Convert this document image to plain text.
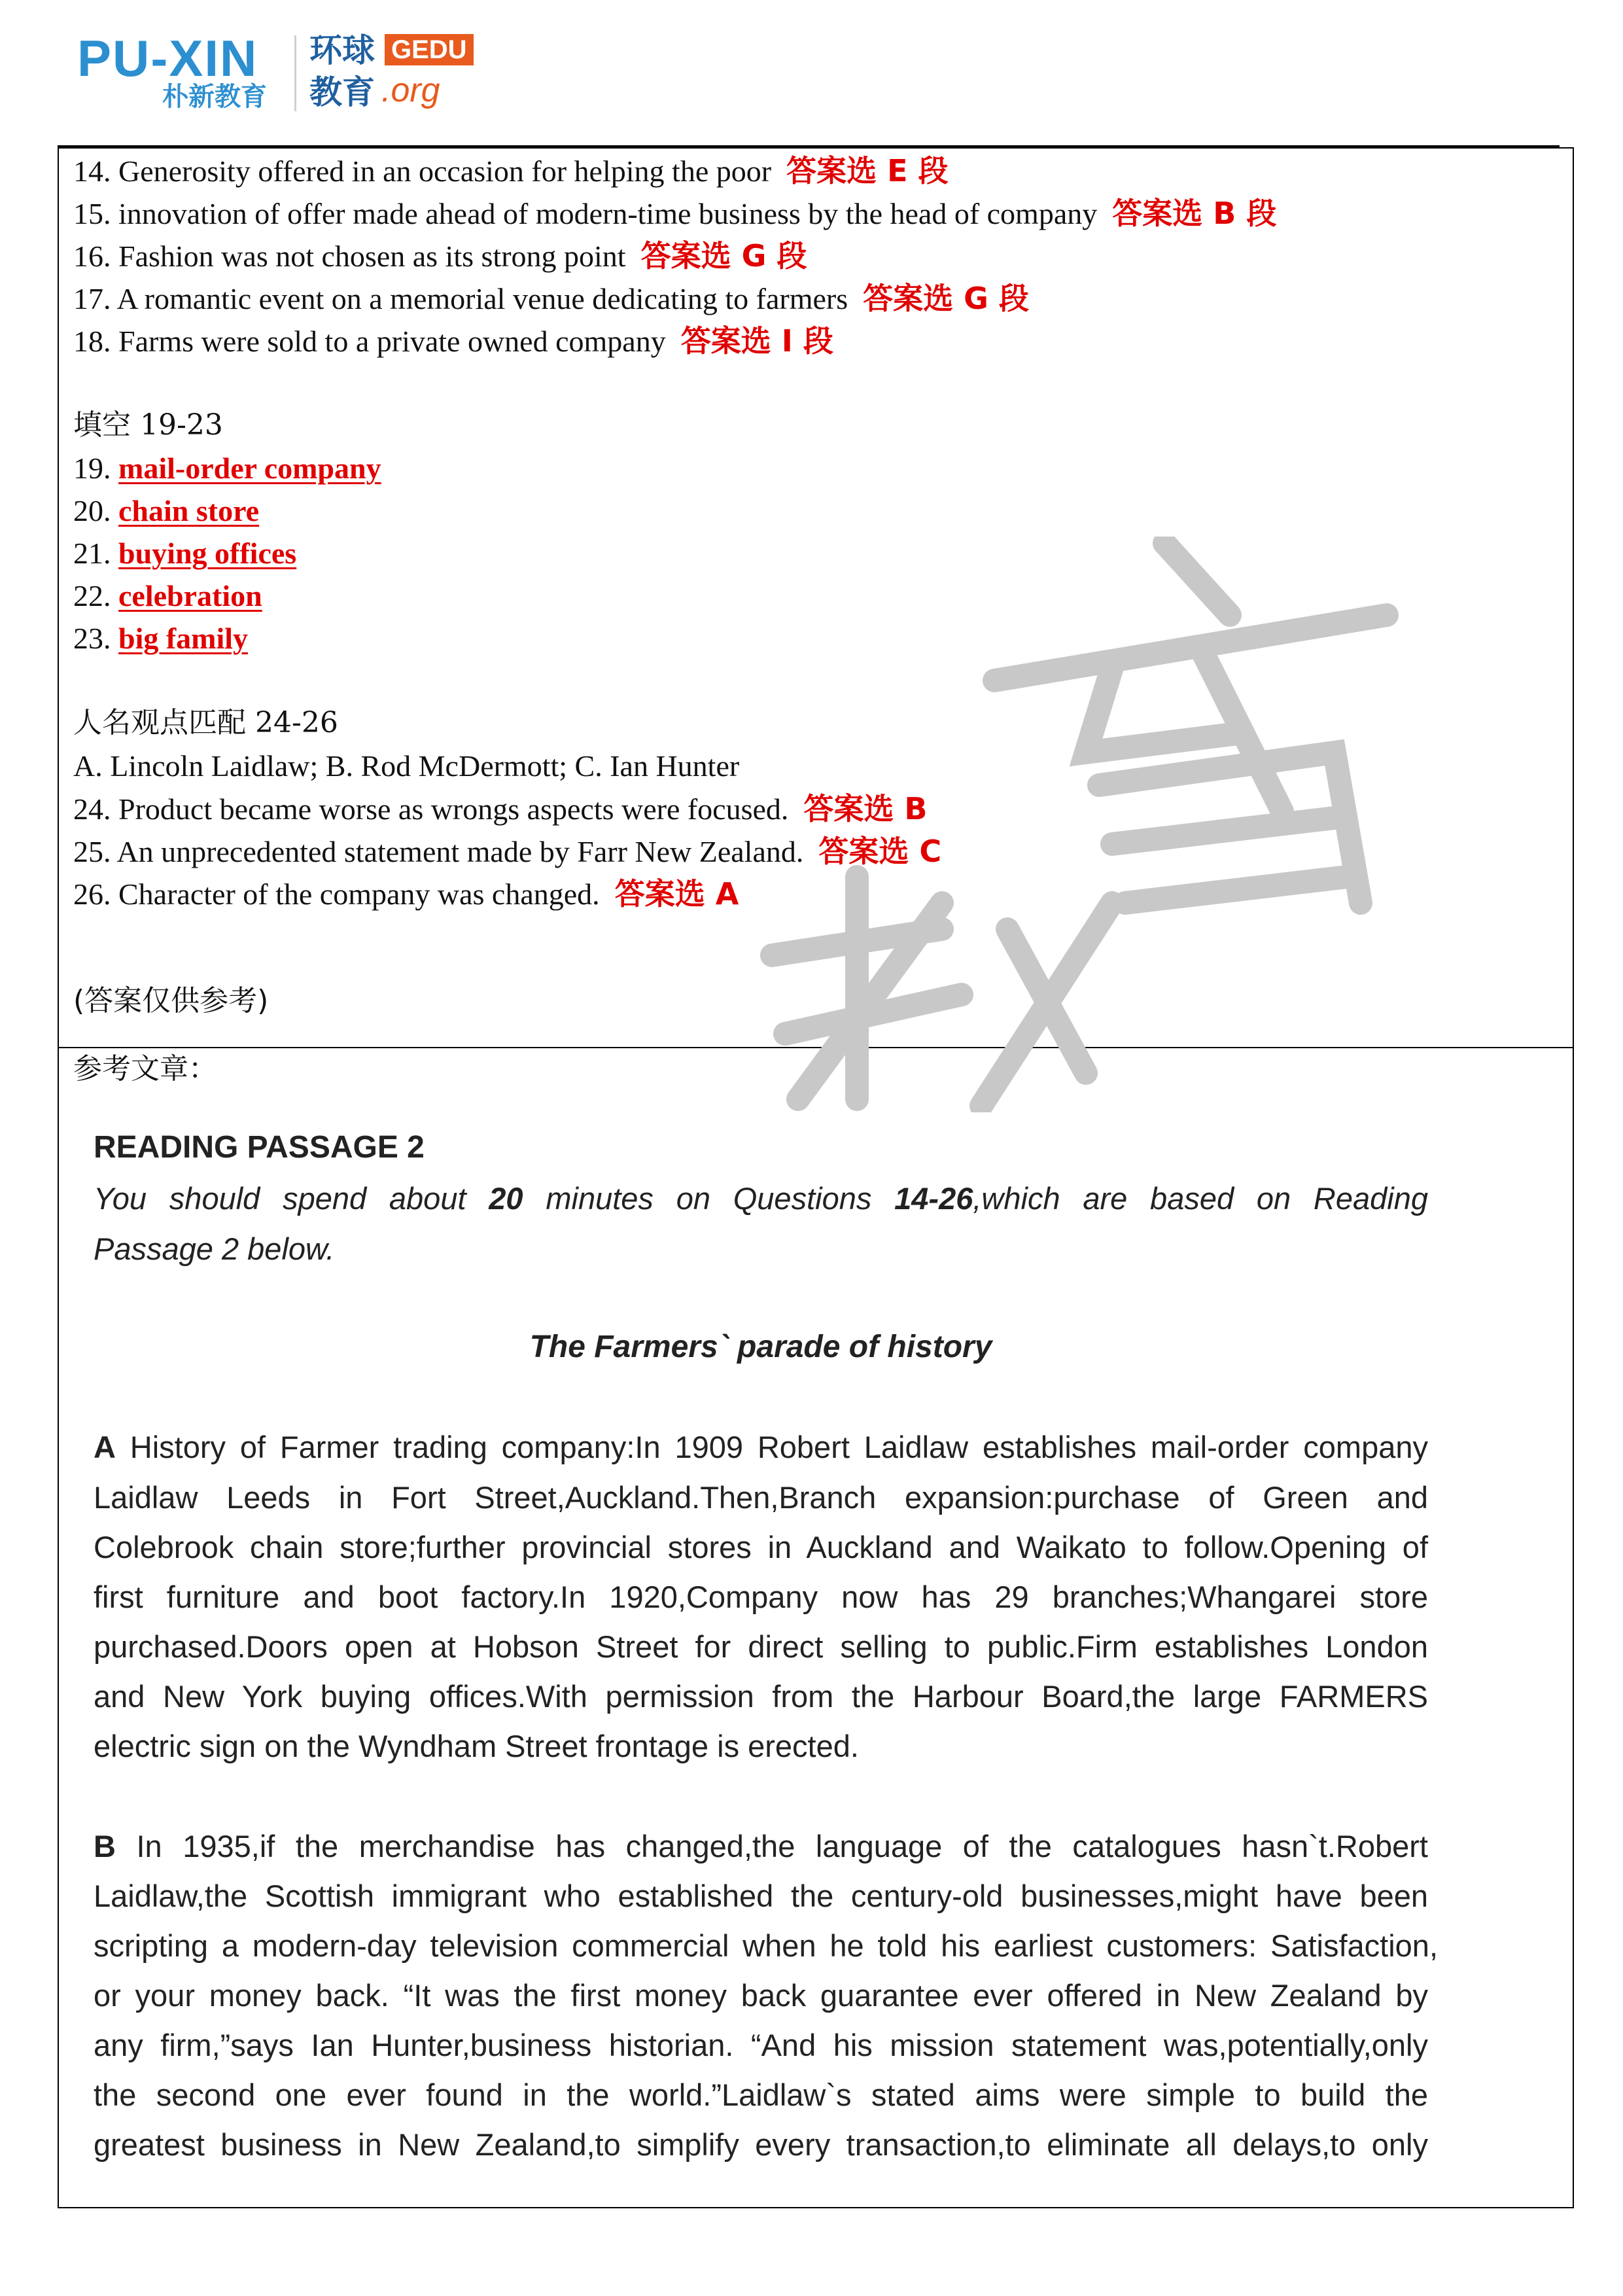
PU-XIN
朴新教育
环球 GEDU
教育 .org
14. Generosity offered in an occasion for helping the poor 答案选 E 段
15. innovation of offer made ahead of modern-time business by the head of company 答案选 B 段
16. Fashion was not chosen as its strong point 答案选 G 段
17. A romantic event on a memorial venue dedicating to farmers 答案选 G 段
18. Farms were sold to a private owned company 答案选 I 段
填空 19-23
19. mail-order company
20. chain store
21. buying offices
22. celebration
23. big family
人名观点匹配 24-26
A. Lincoln Laidlaw; B. Rod McDermott; C. Ian Hunter
24. Product became worse as wrongs aspects were focused. 答案选 B
25. An unprecedented statement made by Farr New Zealand. 答案选 C
26. Character of the company was changed. 答案选 A
(答案仅供参考)
参考文章：
READING PASSAGE 2
You should spend about 20 minutes on Questions 14-26,which are based on Reading
Passage 2 below.
The Farmers` parade of history
A History of Farmer trading company:In 1909 Robert Laidlaw establishes mail-order company
Laidlaw Leeds in Fort Street,Auckland.Then,Branch expansion:purchase of Green and
Colebrook chain store;further provincial stores in Auckland and Waikato to follow.Opening of
first furniture and boot factory.In 1920,Company now has 29 branches;Whangarei store
purchased.Doors open at Hobson Street for direct selling to public.Firm establishes London
and New York buying offices.With permission from the Harbour Board,the large FARMERS
electric sign on the Wyndham Street frontage is erected.
B In 1935,if the merchandise has changed,the language of the catalogues hasn`t.Robert
Laidlaw,the Scottish immigrant who established the century-old businesses,might have been
scripting a modern-day television commercial when he told his earliest customers: Satisfaction,
or your money back. “It was the first money back guarantee ever offered in New Zealand by
any firm,”says Ian Hunter,business historian. “And his mission statement was,potentially,only
the second one ever found in the world.”Laidlaw`s stated aims were simple to build the
greatest business in New Zealand,to simplify every transaction,to eliminate all delays,to only
